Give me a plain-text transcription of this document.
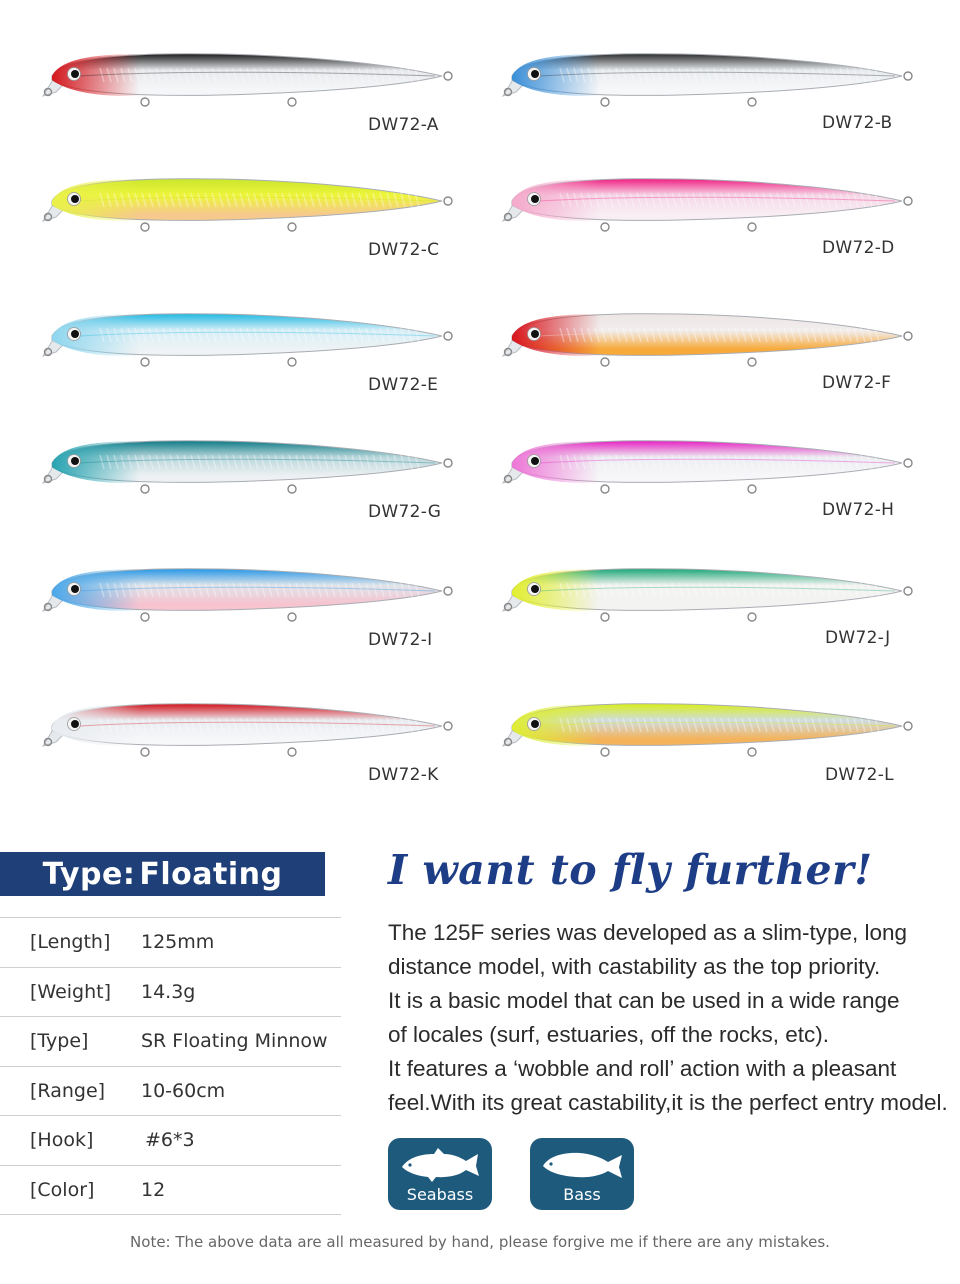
DW72-A
DW72-C
DW72-E
DW72-G
DW72-I
DW72-K
DW72-B
DW72-D
DW72-F
DW72-H
DW72-J
DW72-L
Type: Floating
[Length] 125mm
[Weight] 14.3g
[Type]	SR Floating Minnow
[Range] 10-60cm
[Hook]	#6*3
[Color] 12
I want to fly further!
The 125F series was developed as a slim-type, long
distance model, with castability as the top priority.
It is a basic model that can be used in a wide range
of locales (surf, estuaries, off the rocks, etc).
It features a ‘wobble and roll’ action with a pleasant
feel.With its great castability,it is the perfect entry model.
Seabass	Bass
Note: The above data are all measured by hand, please forgive me if there are any mistakes.
